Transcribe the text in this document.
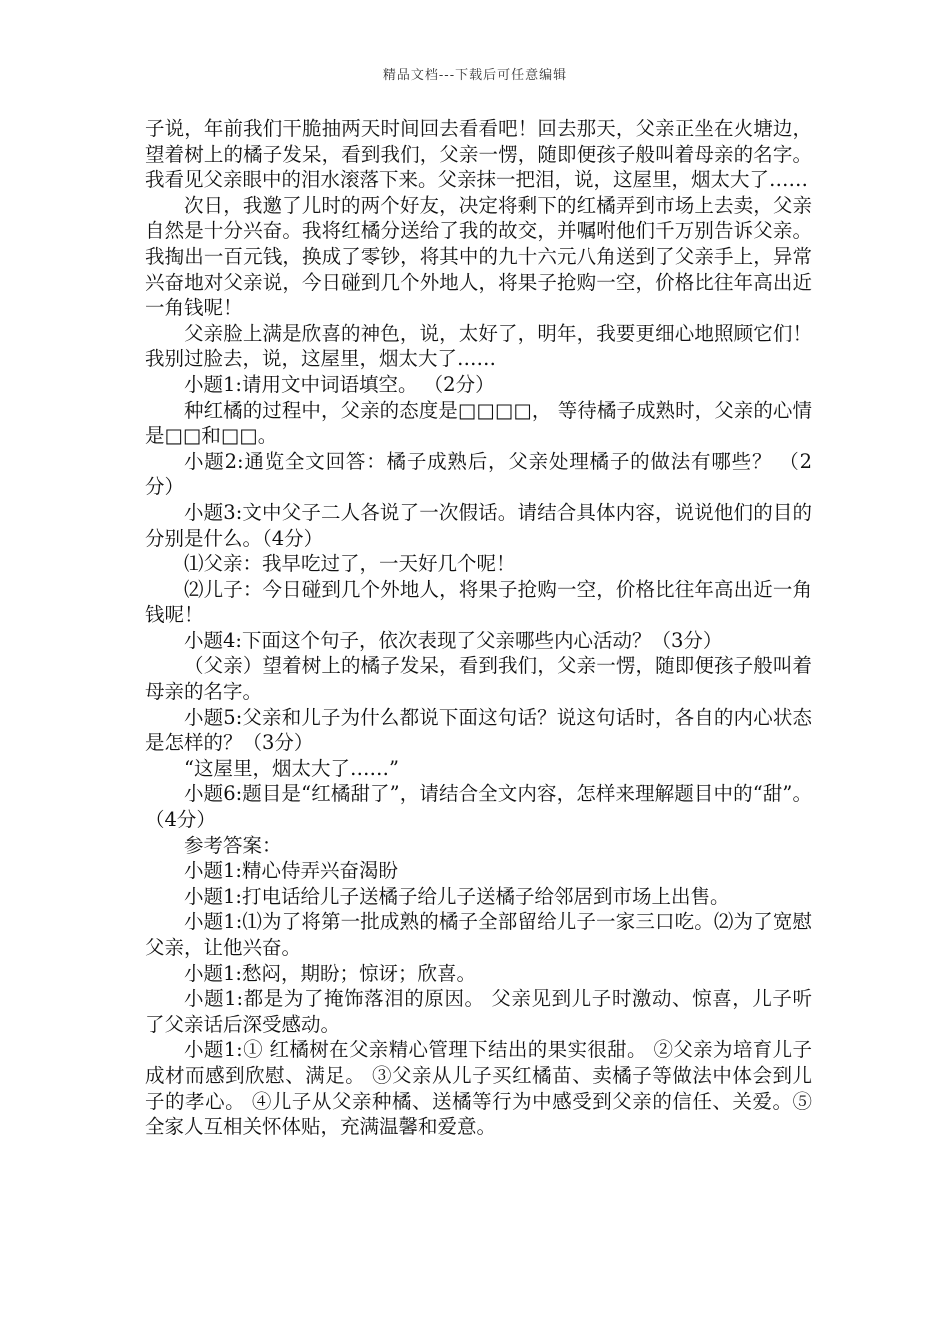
精品文档---下载后可任意编辑

子说，年前我们干脆抽两天时间回去看看吧！回去那天，父亲正坐在火塘边，望着树上的橘子发呆，看到我们，父亲一愣，随即便孩子般叫着母亲的名字。我看见父亲眼中的泪水滚落下来。父亲抹一把泪，说，这屋里，烟太大了……

次日，我邀了儿时的两个好友，决定将剩下的红橘弄到市场上去卖，父亲自然是十分兴奋。我将红橘分送给了我的故交，并嘱咐他们千万别告诉父亲。我掏出一百元钱，换成了零钞，将其中的九十六元八角送到了父亲手上，异常兴奋地对父亲说，今日碰到几个外地人，将果子抢购一空，价格比往年高出近一角钱呢！

父亲脸上满是欣喜的神色，说，太好了，明年，我要更细心地照顾它们！我别过脸去，说，这屋里，烟太大了……

小题1:请用文中词语填空。 （2分）

种红橘的过程中，父亲的态度是□□□□， 等待橘子成熟时，父亲的心情是□□和□□。

小题2:通览全文回答：橘子成熟后，父亲处理橘子的做法有哪些？ （2分）

小题3:文中父子二人各说了一次假话。请结合具体内容，说说他们的目的分别是什么。（4分）

⑴父亲：我早吃过了，一天好几个呢！

⑵儿子：今日碰到几个外地人，将果子抢购一空，价格比往年高出近一角钱呢！

小题4:下面这个句子，依次表现了父亲哪些内心活动？（3分）

（父亲）望着树上的橘子发呆，看到我们，父亲一愣，随即便孩子般叫着母亲的名字。

小题5:父亲和儿子为什么都说下面这句话？说这句话时，各自的内心状态是怎样的？（3分）

“这屋里，烟太大了……”

小题6:题目是“红橘甜了”，请结合全文内容，怎样来理解题目中的“甜”。 （4分）

参考答案：

小题1:精心侍弄兴奋渴盼

小题1:打电话给儿子送橘子给儿子送橘子给邻居到市场上出售。

小题1:⑴为了将第一批成熟的橘子全部留给儿子一家三口吃。⑵为了宽慰父亲，让他兴奋。

小题1:愁闷，期盼；惊讶；欣喜。

小题1:都是为了掩饰落泪的原因。 父亲见到儿子时激动、惊喜，儿子听了父亲话后深受感动。

小题1:① 红橘树在父亲精心管理下结出的果实很甜。 ②父亲为培育儿子成材而感到欣慰、满足。 ③父亲从儿子买红橘苗、卖橘子等做法中体会到儿子的孝心。 ④儿子从父亲种橘、送橘等行为中感受到父亲的信任、关爱。⑤全家人互相关怀体贴，充满温馨和爱意。
